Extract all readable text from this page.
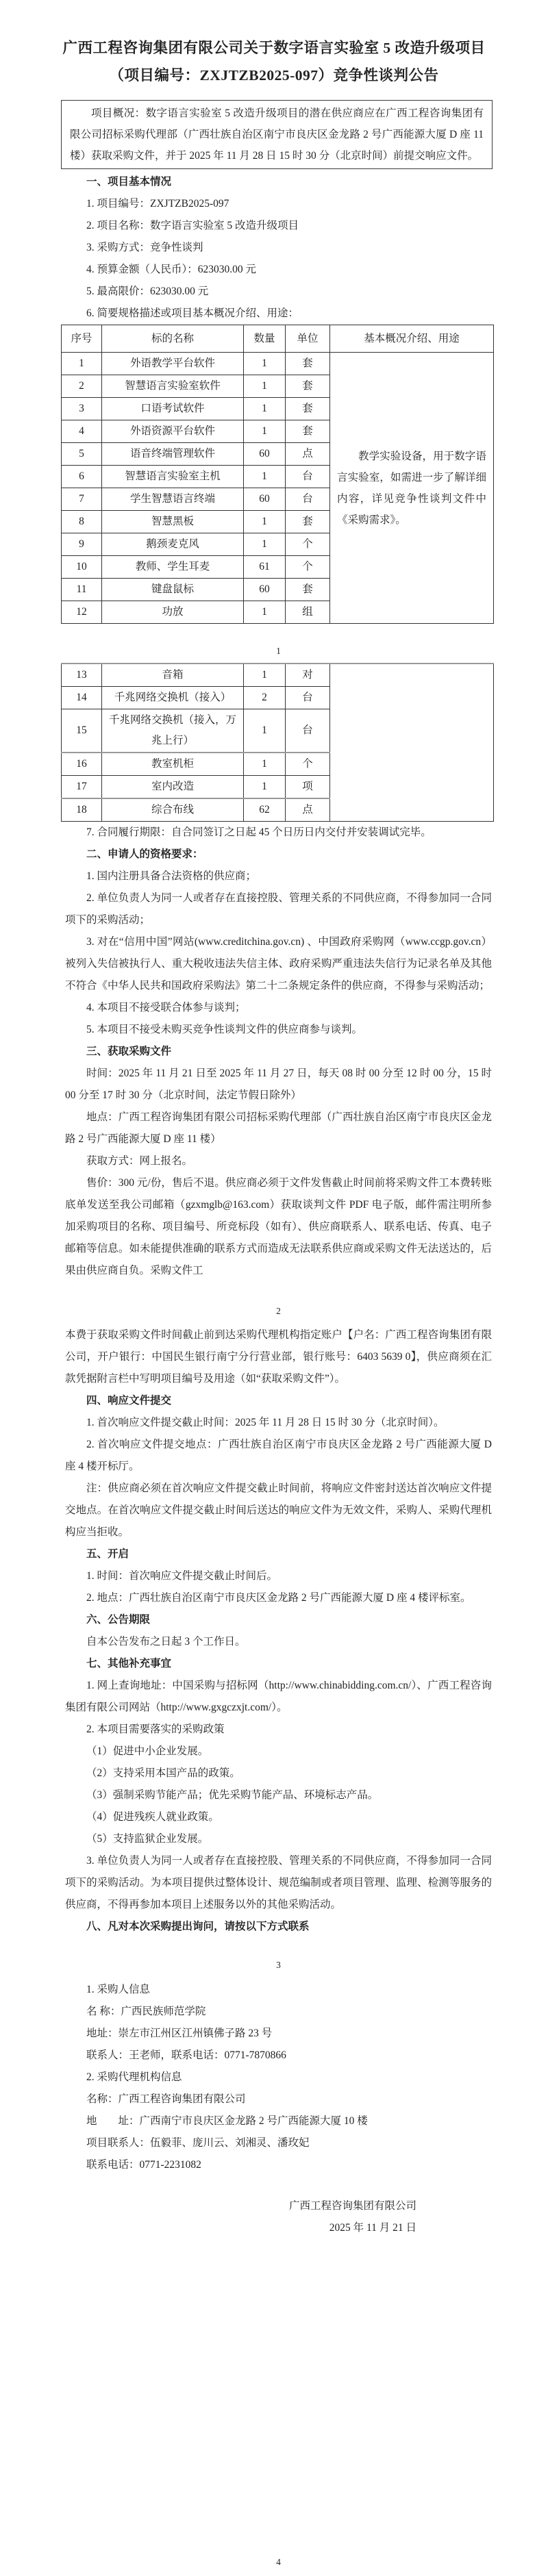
广西工程咨询集团有限公司关于数字语言实验室 5 改造升级项目
（项目编号：ZXJTZB2025-097）竞争性谈判公告

项目概况：数字语言实验室 5 改造升级项目的潜在供应商应在广西工程咨询集团有限公司招标采购代理部（广西壮族自治区南宁市良庆区金龙路 2 号广西能源大厦 D 座 11 楼）获取采购文件，并于 2025 年 11 月 28 日 15 时 30 分（北京时间）前提交响应文件。

一、项目基本情况

1. 项目编号：ZXJTZB2025-097

2. 项目名称：数字语言实验室 5 改造升级项目

3. 采购方式：竞争性谈判

4. 预算金额（人民币）：623030.00 元

5. 最高限价：623030.00 元

6. 简要规格描述或项目基本概况介绍、用途：

序号	标的名称	数量	单位	基本概况介绍、用途
1	外语教学平台软件	1	套	教学实验设备，用于数字语言实验室，如需进一步了解详细内容，详见竞争性谈判文件中《采购需求》。

2	智慧语言实验室软件	1	套	
3	口语考试软件	1	套	
4	外语资源平台软件	1	套	
5	语音终端管理软件	60	点	
6	智慧语言实验室主机	1	台	
7	学生智慧语言终端	60	台	
8	智慧黑板	1	套	
9	鹅颈麦克风	1	个	
10	教师、学生耳麦	61	个	
11	键盘鼠标	60	套	
12	功放	1	组	
1
13	音箱	1	对	
14	千兆网络交换机（接入）	2	台	
15	千兆网络交换机（接入，万兆上行）	1	台	
16	教室机柜	1	个	
17	室内改造	1	项	
18	综合布线	62	点	

7. 合同履行期限：自合同签订之日起 45 个日历日内交付并安装调试完毕。

二、申请人的资格要求：

1. 国内注册具备合法资格的供应商；

2. 单位负责人为同一人或者存在直接控股、管理关系的不同供应商，不得参加同一合同项下的采购活动；

3. 对在“信用中国”网站(www.creditchina.gov.cn) 、中国政府采购网（www.ccgp.gov.cn）被列入失信被执行人、重大税收违法失信主体、政府采购严重违法失信行为记录名单及其他不符合《中华人民共和国政府采购法》第二十二条规定条件的供应商，不得参与采购活动；

4. 本项目不接受联合体参与谈判；

5. 本项目不接受未购买竞争性谈判文件的供应商参与谈判。

三、获取采购文件

时间：2025 年 11 月 21 日至 2025 年 11 月 27 日，每天 08 时 00 分至 12 时 00 分，15 时 00 分至 17 时 30 分（北京时间，法定节假日除外）

地点：广西工程咨询集团有限公司招标采购代理部（广西壮族自治区南宁市良庆区金龙路 2 号广西能源大厦 D 座 11 楼）

获取方式：网上报名。

售价：300 元/份，售后不退。供应商必须于文件发售截止时间前将采购文件工本费转账底单发送至我公司邮箱（gzxmglb@163.com）获取谈判文件 PDF 电子版，邮件需注明所参加采购项目的名称、项目编号、所竞标段（如有）、供应商联系人、联系电话、传真、电子邮箱等信息。如未能提供准确的联系方式而造成无法联系供应商或采购文件无法送达的，后果由供应商自负。采购文件工

2

本费于获取采购文件时间截止前到达采购代理机构指定账户【户名：广西工程咨询集团有限公司，开户银行：中国民生银行南宁分行营业部，银行账号：6403 5639 0】，供应商须在汇款凭据附言栏中写明项目编号及用途（如“获取采购文件”）。

四、响应文件提交

1. 首次响应文件提交截止时间：2025 年 11 月 28 日 15 时 30 分（北京时间）。

2. 首次响应文件提交地点：广西壮族自治区南宁市良庆区金龙路 2 号广西能源大厦 D 座 4 楼开标厅。

注：供应商必须在首次响应文件提交截止时间前，将响应文件密封送达首次响应文件提交地点。在首次响应文件提交截止时间后送达的响应文件为无效文件，采购人、采购代理机构应当拒收。

五、开启

1. 时间：首次响应文件提交截止时间后。

2. 地点：广西壮族自治区南宁市良庆区金龙路 2 号广西能源大厦 D 座 4 楼评标室。

六、公告期限

自本公告发布之日起 3 个工作日。

七、其他补充事宜

1. 网上查询地址：中国采购与招标网（http://www.chinabidding.com.cn/）、广西工程咨询集团有限公司网站（http://www.gxgczxjt.com/）。

2. 本项目需要落实的采购政策

（1）促进中小企业发展。

（2）支持采用本国产品的政策。

（3）强制采购节能产品；优先采购节能产品、环境标志产品。

（4）促进残疾人就业政策。

（5）支持监狱企业发展。

3. 单位负责人为同一人或者存在直接控股、管理关系的不同供应商，不得参加同一合同项下的采购活动。为本项目提供过整体设计、规范编制或者项目管理、监理、检测等服务的供应商，不得再参加本项目上述服务以外的其他采购活动。

八、凡对本次采购提出询问，请按以下方式联系

3

1. 采购人信息

名 称：广西民族师范学院

地址：崇左市江州区江州镇佛子路 23 号

联系人：王老师，联系电话：0771-7870866

2. 采购代理机构信息

名称：广西工程咨询集团有限公司

地　　址：广西南宁市良庆区金龙路 2 号广西能源大厦 10 楼

项目联系人：伍毅菲、庞川云、刘湘灵、潘玫妃

联系电话：0771-2231082

广西工程咨询集团有限公司

2025 年 11 月 21 日

4
